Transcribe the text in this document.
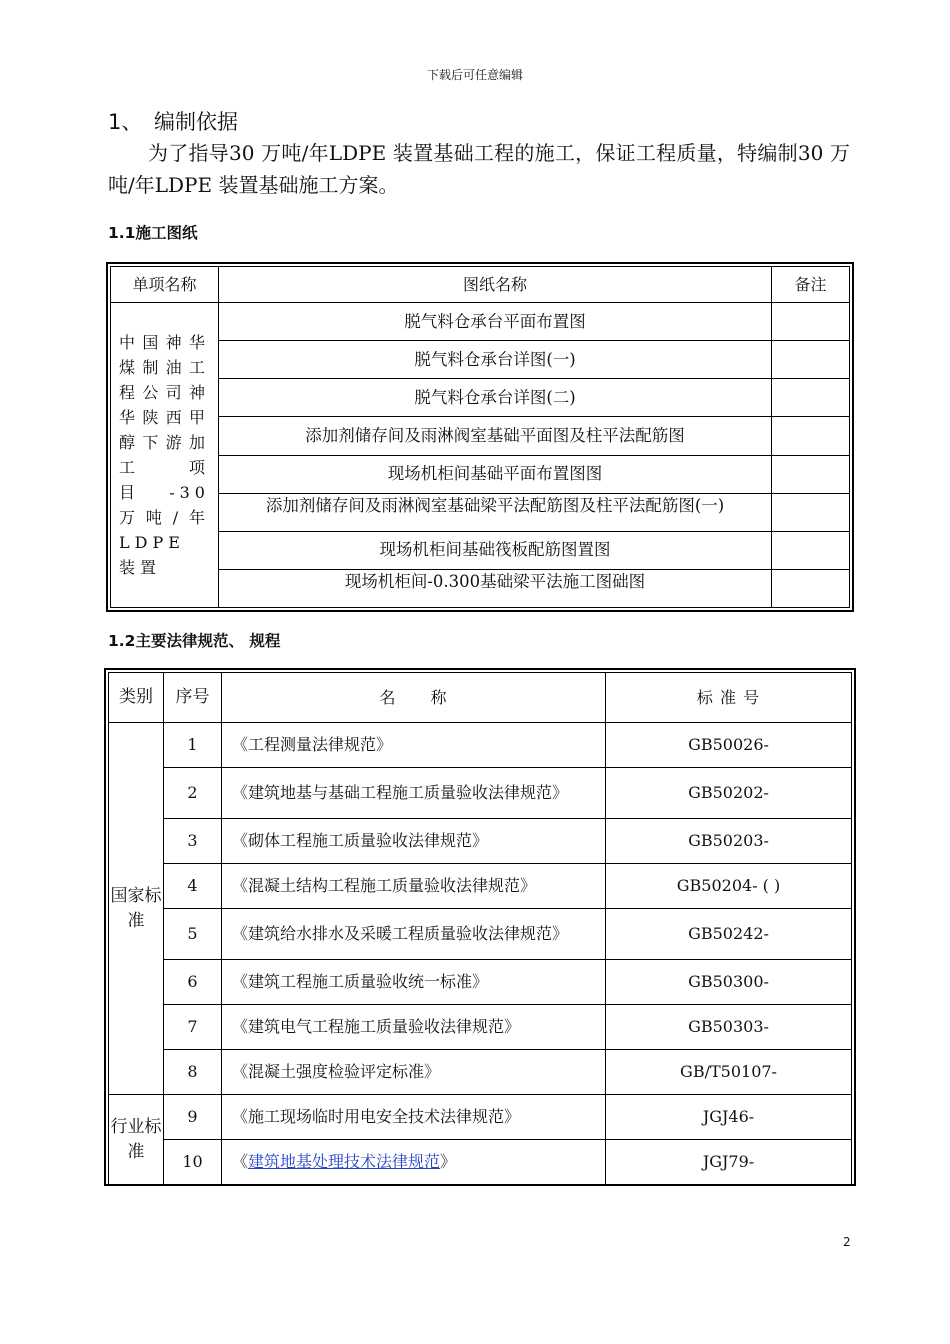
下载后可任意编辑
1、 编制依据
为了指导30 万吨/年LDPE 装置基础工程的施工，保证工程质量，特编制30 万吨/年LDPE 装置基础施工方案。
1.1施工图纸
单项名称	图纸名称	备注
中国神华煤制油工程公司神华陕西甲醇下游加工项目-30 万吨/年 LDPE 装置	脱气料仓承台平面布置图	
	脱气料仓承台详图(一)	
	脱气料仓承台详图(二)	
	添加剂储存间及雨淋阀室基础平面图及柱平法配筋图	
	现场机柜间基础平面布置图图	

	添加剂储存间及雨淋阀室基础梁平法配筋图及柱平法配筋图(一)	

	现场机柜间基础筏板配筋图置图	

	现场机柜间-0.300基础梁平法施工图础图	

1.2主要法律规范、 规程
类别	序号	名　　称	标 准 号
国家标准	1	《工程测量法律规范》	GB50026-
	2	《建筑地基与基础工程施工质量验收法律规范》	GB50202-
	3	《砌体工程施工质量验收法律规范》	GB50203-
	4	《混凝土结构工程施工质量验收法律规范》	GB50204- ( )
	5	《建筑给水排水及采暖工程质量验收法律规范》	GB50242-
	6	《建筑工程施工质量验收统一标准》	GB50300-
	7	《建筑电气工程施工质量验收法律规范》	GB50303-
	8	《混凝土强度检验评定标准》	GB/T50107-
行业标准	9	《施工现场临时用电安全技术法律规范》	JGJ46-
	10	《建筑地基处理技术法律规范》	JGJ79-
2
